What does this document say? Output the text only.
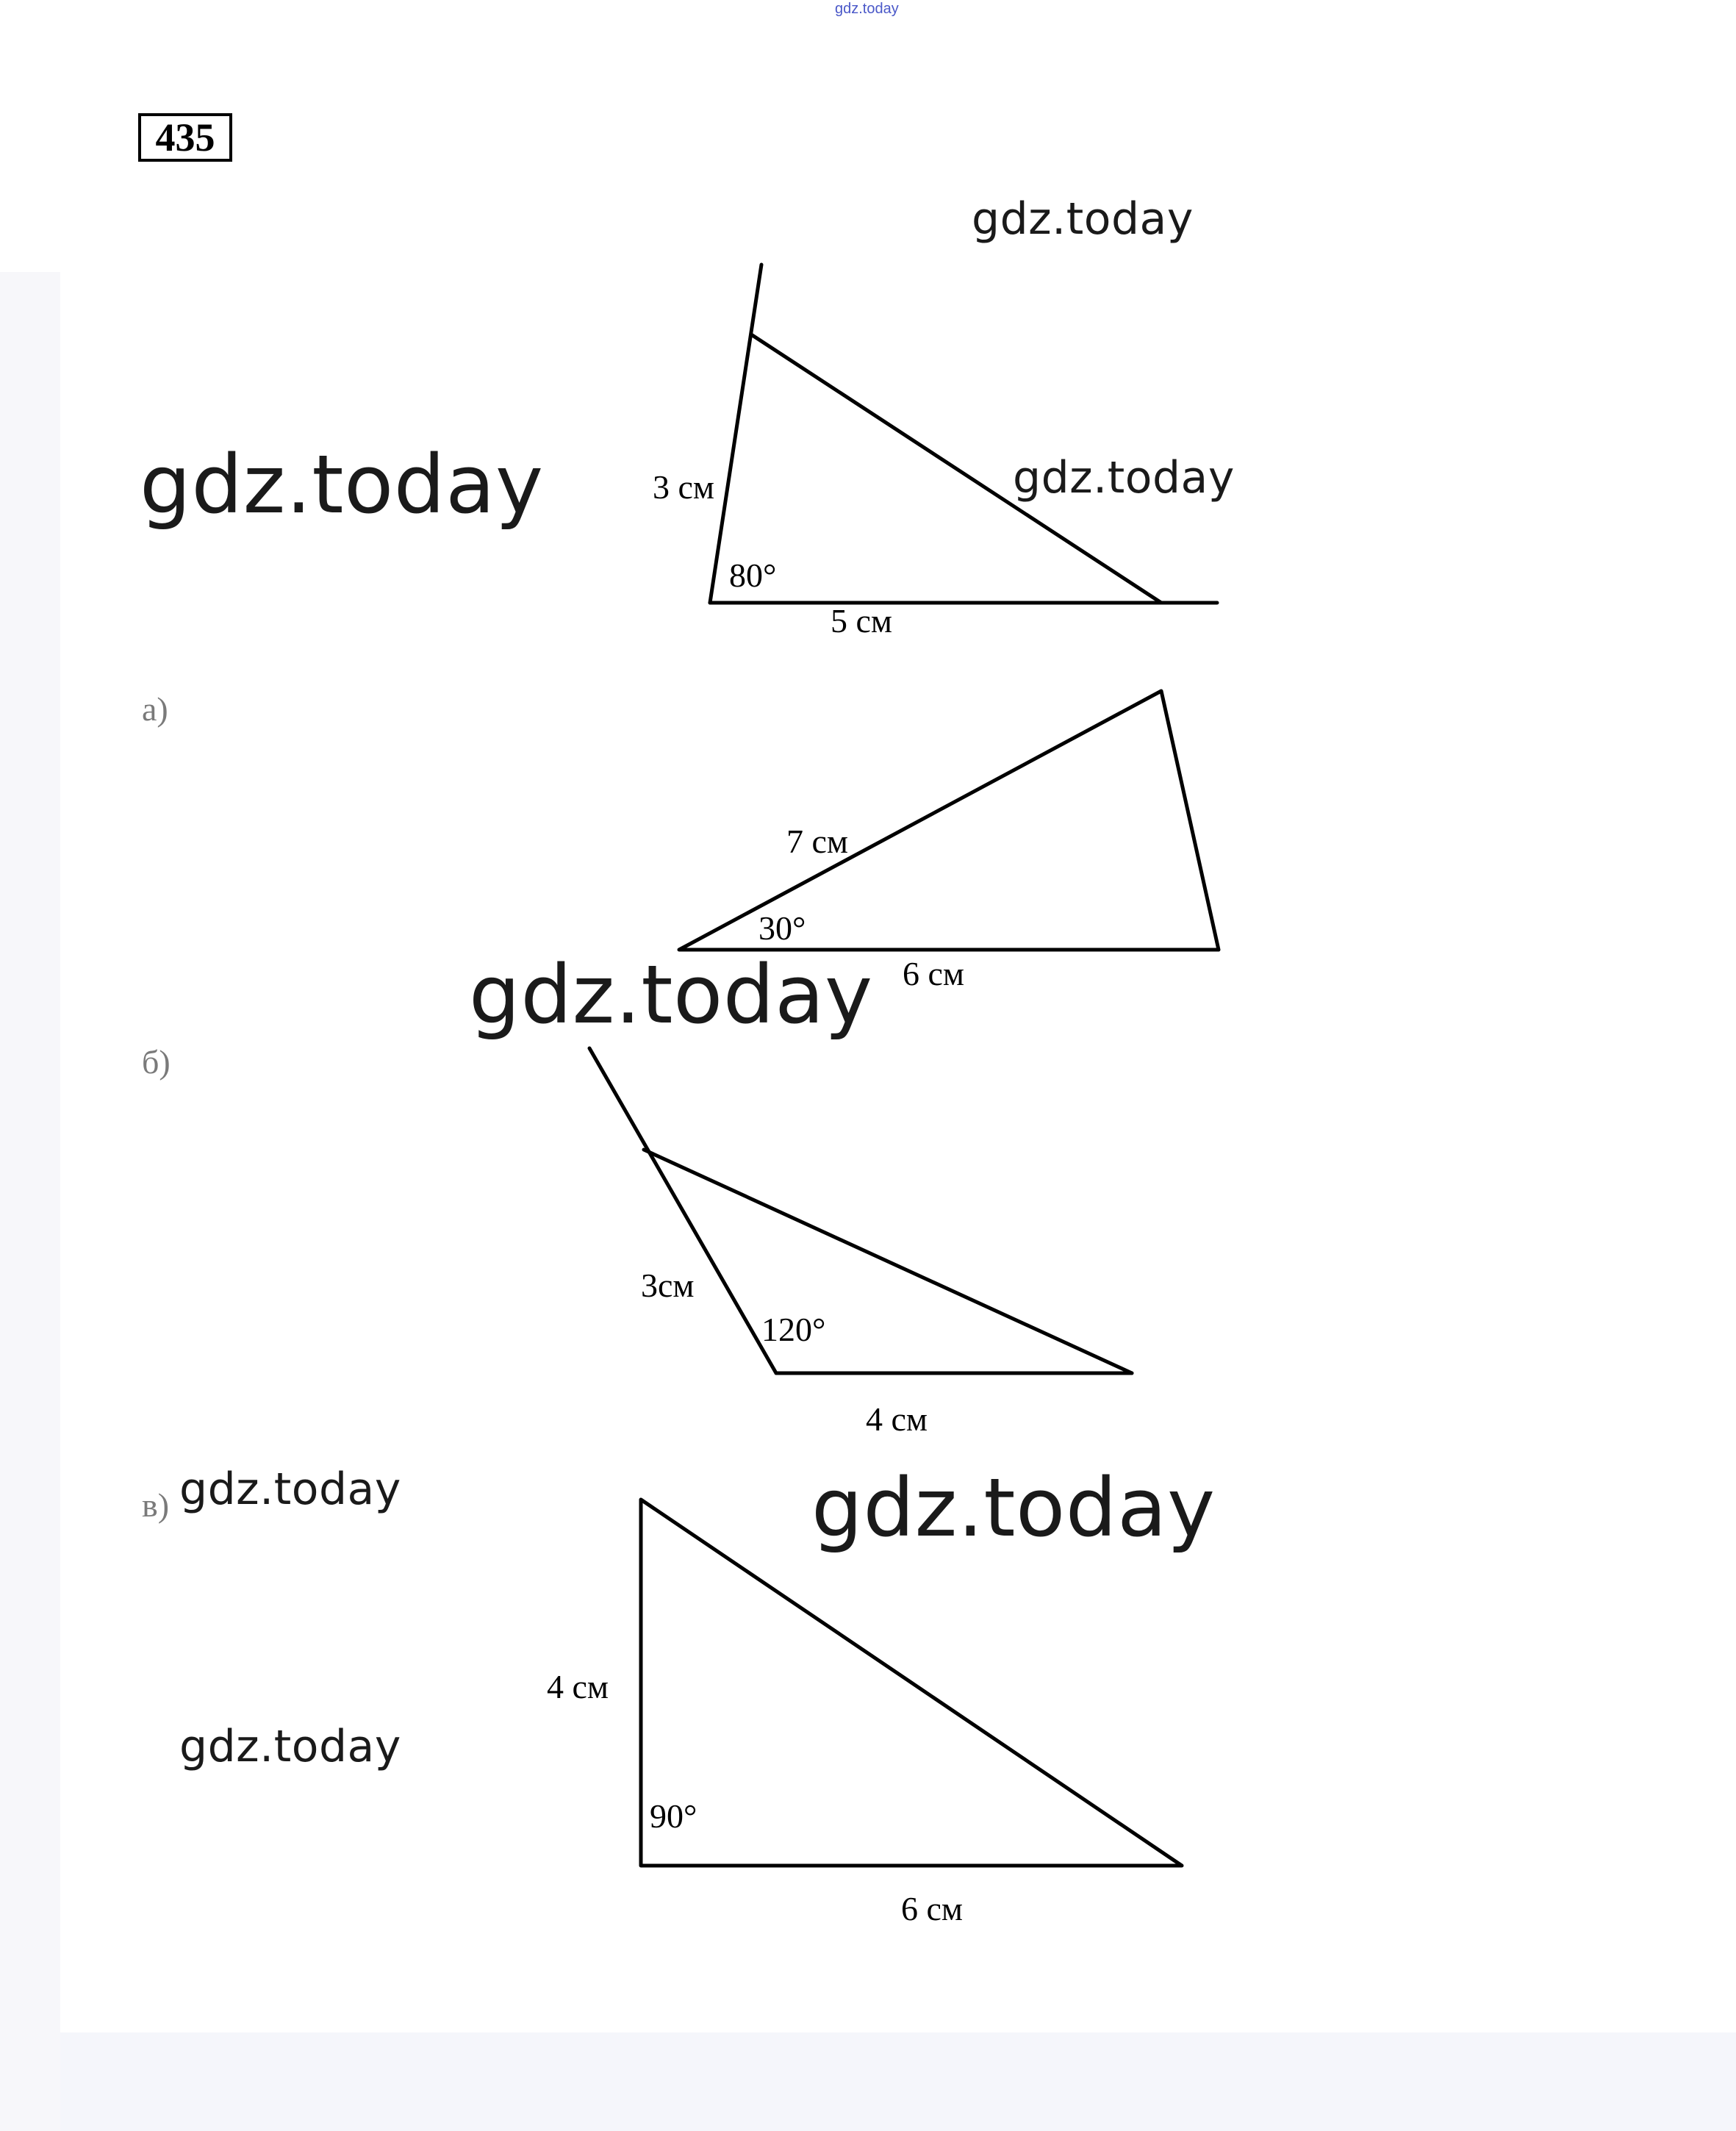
gdz.today
435
а)
б)
в)
3 см
80°
5 см
7 см
30°
6 см
3см
120°
4 см
4 см
90°
6 см
gdz.today
gdz.today	gdz.today
gdz.today
gdz.today	gdz.today
gdz.today
